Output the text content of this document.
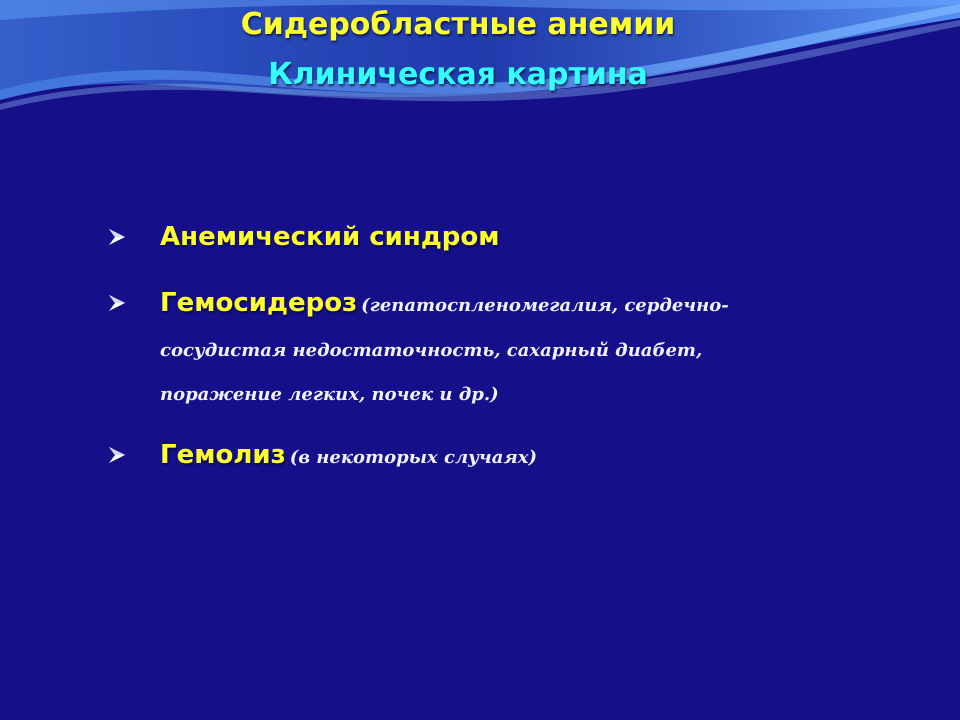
Сидеробластные анемии
Клиническая картина
Анемический синдром
Гемосидероз (гепатоспленомегалия, сердечно-
сосудистая недостаточность, сахарный диабет,
поражение легких, почек и др.)
Гемолиз (в некоторых случаях)
